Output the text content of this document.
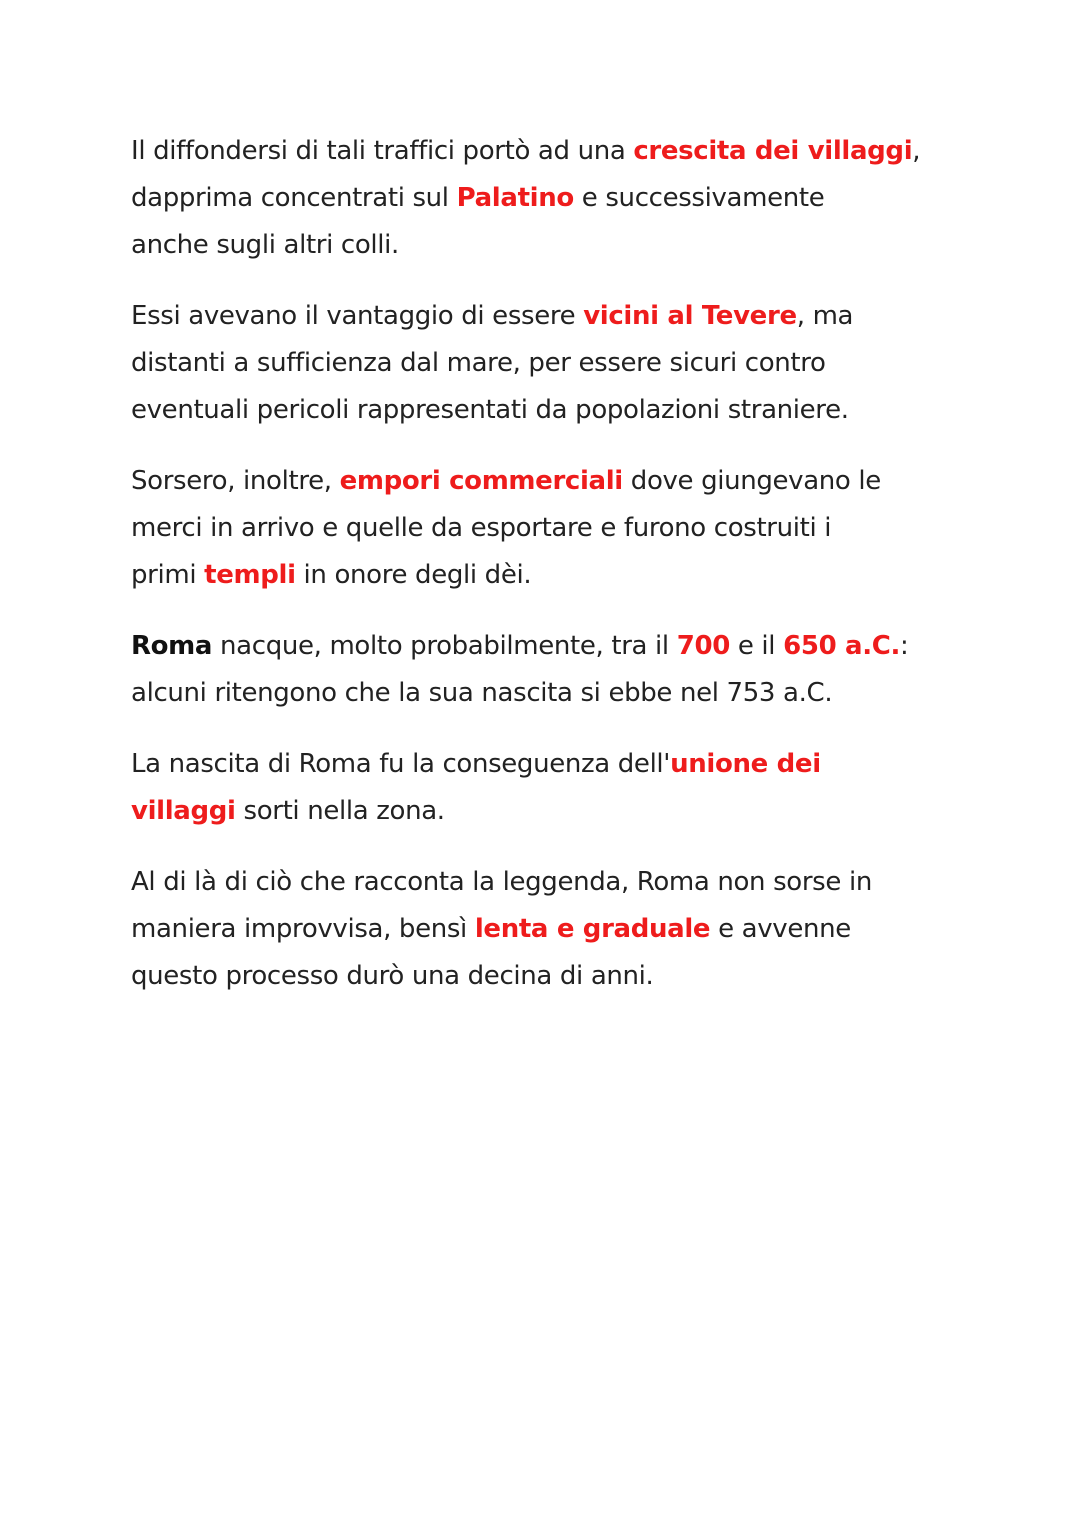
Il diffondersi di tali traffici portò ad una crescita dei villaggi,
dapprima concentrati sul Palatino e successivamente
anche sugli altri colli.

Essi avevano il vantaggio di essere vicini al Tevere, ma
distanti a sufficienza dal mare, per essere sicuri contro
eventuali pericoli rappresentati da popolazioni straniere.

Sorsero, inoltre, empori commerciali dove giungevano le
merci in arrivo e quelle da esportare e furono costruiti i
primi templi in onore degli dèi.

Roma nacque, molto probabilmente, tra il 700 e il 650 a.C.:
alcuni ritengono che la sua nascita si ebbe nel 753 a.C.

La nascita di Roma fu la conseguenza dell'unione dei
villaggi sorti nella zona.

Al di là di ciò che racconta la leggenda, Roma non sorse in
maniera improvvisa, bensì lenta e graduale e avvenne
questo processo durò una decina di anni.
